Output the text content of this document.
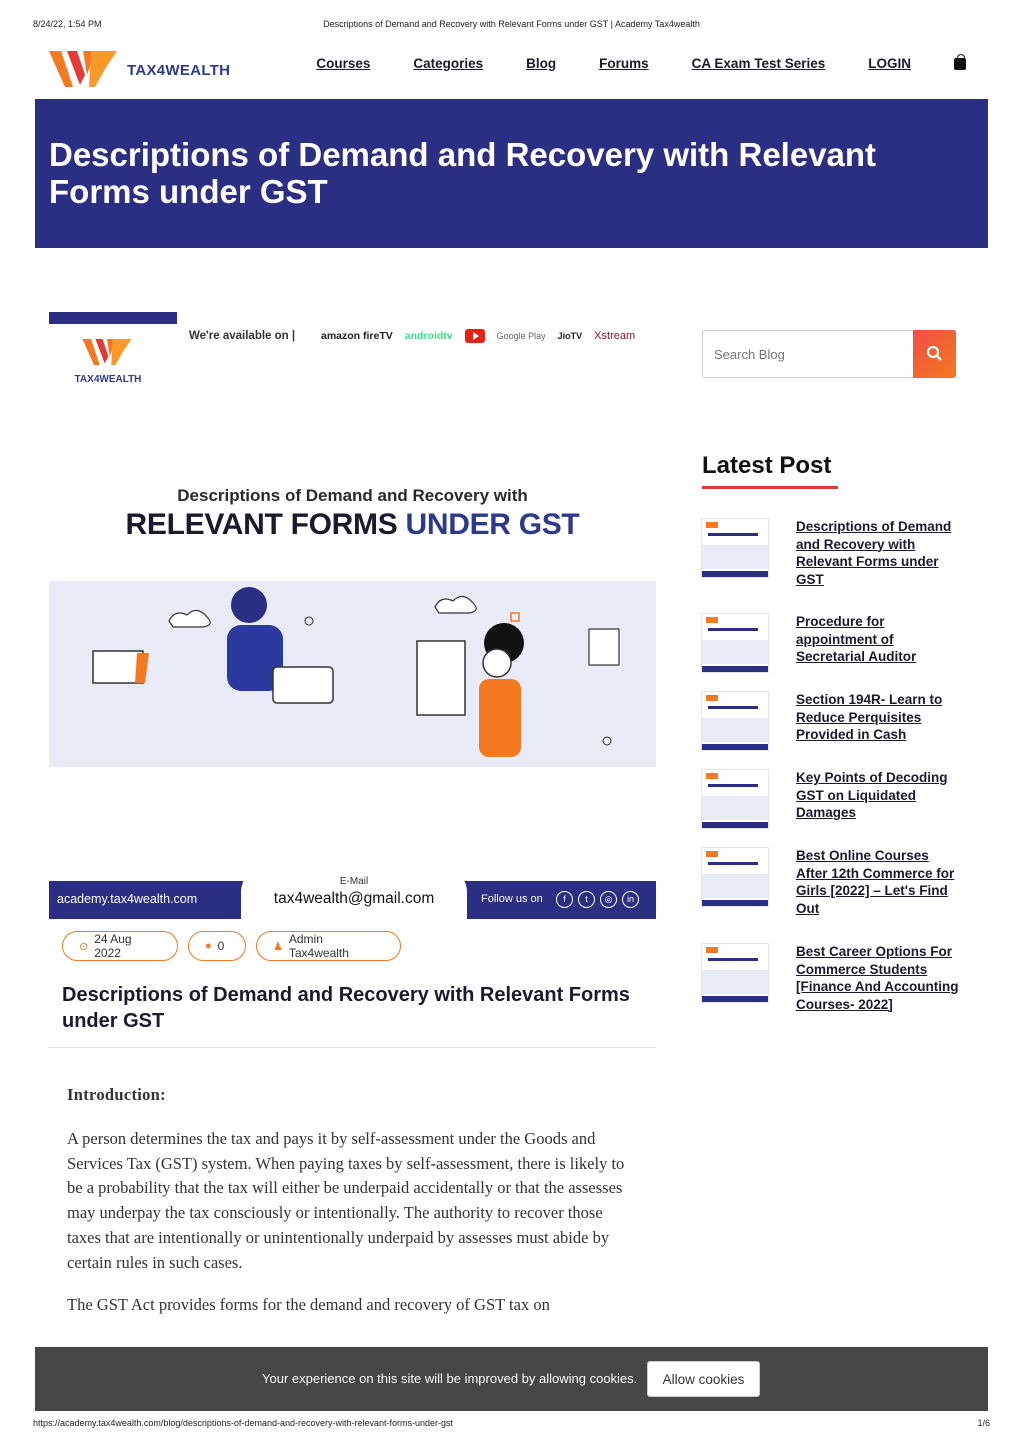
8/24/22, 1:54 PM	Descriptions of Demand and Recovery with Relevant Forms under GST | Academy Tax4wealth
TAX4WEALTH	Courses	Categories	Blog	Forums	CA Exam Test Series	LOGIN
Descriptions of Demand and Recovery with Relevant Forms under GST
TAX4WEALTH
We're available on | amazon fireTV androidtv	Google Play JioTV Xstream
Search Blog
Latest Post
Descriptions of Demand and Recovery with Relevant Forms under GST
Procedure for appointment of Secretarial Auditor
Section 194R- Learn to Reduce Perquisites Provided in Cash
Key Points of Decoding GST on Liquidated Damages
Best Online Courses After 12th Commerce for Girls [2022] – Let's Find Out
Best Career Options For Commerce Students [Finance And Accounting Courses- 2022]
Descriptions of Demand and Recovery with
RELEVANT FORMS UNDER GST
academy.tax4wealth.com
E-Mail
tax4wealth@gmail.com	Follow us on	f	t	◎	in
⊙
24 Aug 2022	● 0	♟
Admin Tax4wealth
Descriptions of Demand and Recovery with Relevant Forms under GST
Introduction:

A person determines the tax and pays it by self-assessment under the Goods and Services Tax (GST) system. When paying taxes by self-assessment, there is likely to be a probability that the tax will either be underpaid accidentally or that the assesses may underpay the tax consciously or intentionally. The authority to recover those taxes that are intentionally or unintentionally underpaid by assesses must abide by certain rules in such cases.

The GST Act provides forms for the demand and recovery of GST tax on

Your experience on this site will be improved by allowing cookies.	Allow cookies
https://academy.tax4wealth.com/blog/descriptions-of-demand-and-recovery-with-relevant-forms-under-gst	1/6
